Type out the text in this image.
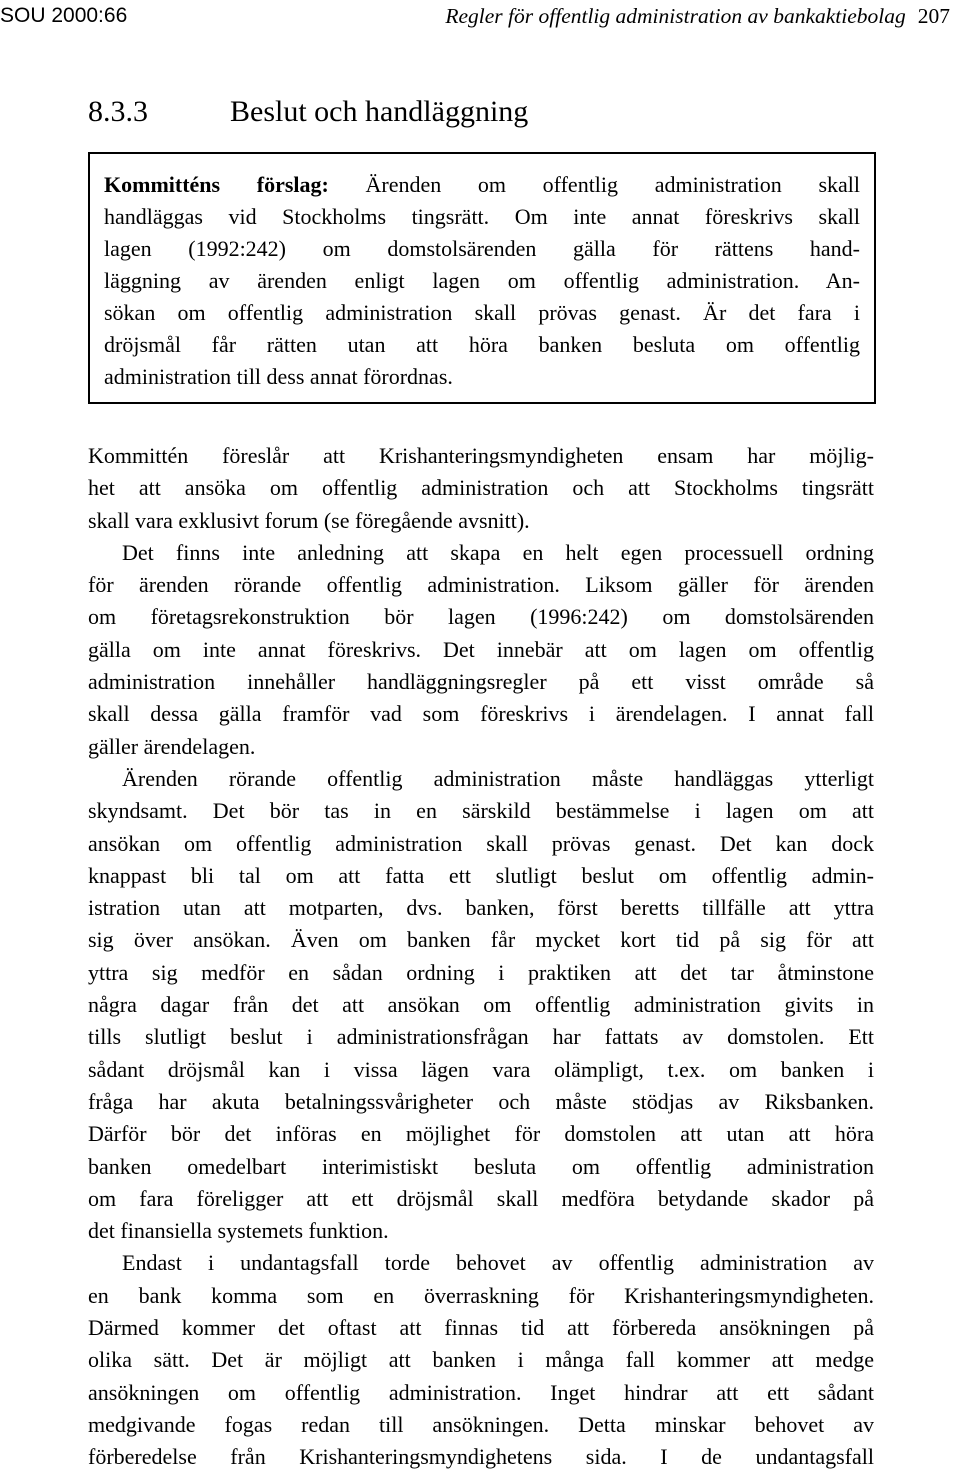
SOU 2000:66	Regler för offentlig administration av bankaktiebolag 207
8.3.3	Beslut och handläggning
Kommitténs förslag: Ärenden om offentlig administration skall
handläggas vid Stockholms tingsrätt. Om inte annat föreskrivs skall
lagen (1992:242) om domstolsärenden gälla för rättens hand-
läggning av ärenden enligt lagen om offentlig administration. An-
sökan om offentlig administration skall prövas genast. Är det fara i
dröjsmål får rätten utan att höra banken besluta om offentlig
administration till dess annat förordnas.
Kommittén föreslår att Krishanteringsmyndigheten ensam har möjlig-
het att ansöka om offentlig administration och att Stockholms tingsrätt
skall vara exklusivt forum (se föregående avsnitt).
Det finns inte anledning att skapa en helt egen processuell ordning
för ärenden rörande offentlig administration. Liksom gäller för ärenden
om företagsrekonstruktion bör lagen (1996:242) om domstolsärenden
gälla om inte annat föreskrivs. Det innebär att om lagen om offentlig
administration innehåller handläggningsregler på ett visst område så
skall dessa gälla framför vad som föreskrivs i ärendelagen. I annat fall
gäller ärendelagen.
Ärenden rörande offentlig administration måste handläggas ytterligt
skyndsamt. Det bör tas in en särskild bestämmelse i lagen om att
ansökan om offentlig administration skall prövas genast. Det kan dock
knappast bli tal om att fatta ett slutligt beslut om offentlig admin-
istration utan att motparten, dvs. banken, först beretts tillfälle att yttra
sig över ansökan. Även om banken får mycket kort tid på sig för att
yttra sig medför en sådan ordning i praktiken att det tar åtminstone
några dagar från det att ansökan om offentlig administration givits in
tills slutligt beslut i administrationsfrågan har fattats av domstolen. Ett
sådant dröjsmål kan i vissa lägen vara olämpligt, t.ex. om banken i
fråga har akuta betalningssvårigheter och måste stödjas av Riksbanken.
Därför bör det införas en möjlighet för domstolen att utan att höra
banken omedelbart interimistiskt besluta om offentlig administration
om fara föreligger att ett dröjsmål skall medföra betydande skador på
det finansiella systemets funktion.
Endast i undantagsfall torde behovet av offentlig administration av
en bank komma som en överraskning för Krishanteringsmyndigheten.
Därmed kommer det oftast att finnas tid att förbereda ansökningen på
olika sätt. Det är möjligt att banken i många fall kommer att medge
ansökningen om offentlig administration. Inget hindrar att ett sådant
medgivande fogas redan till ansökningen. Detta minskar behovet av
förberedelse från Krishanteringsmyndighetens sida. I de undantagsfall
